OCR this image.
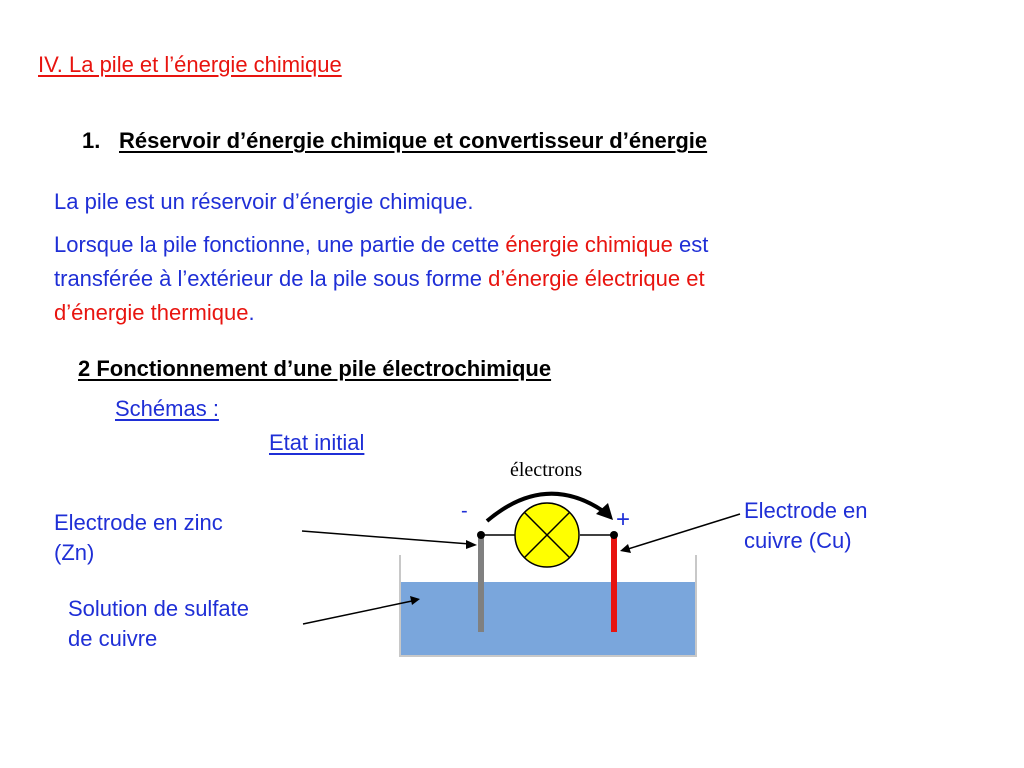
IV. La pile et l’énergie chimique
1. Réservoir d’énergie chimique et convertisseur d’énergie
La pile est un réservoir d’énergie chimique.
Lorsque la pile fonctionne, une partie de cette énergie chimique est
transférée à l’extérieur de la pile sous forme d’énergie électrique et
d’énergie thermique.
2 Fonctionnement d’une pile électrochimique
Schémas :
Etat initial
électrons
-	+
Electrode en zinc
(Zn)
Electrode en
cuivre (Cu)
Solution de sulfate
de cuivre
